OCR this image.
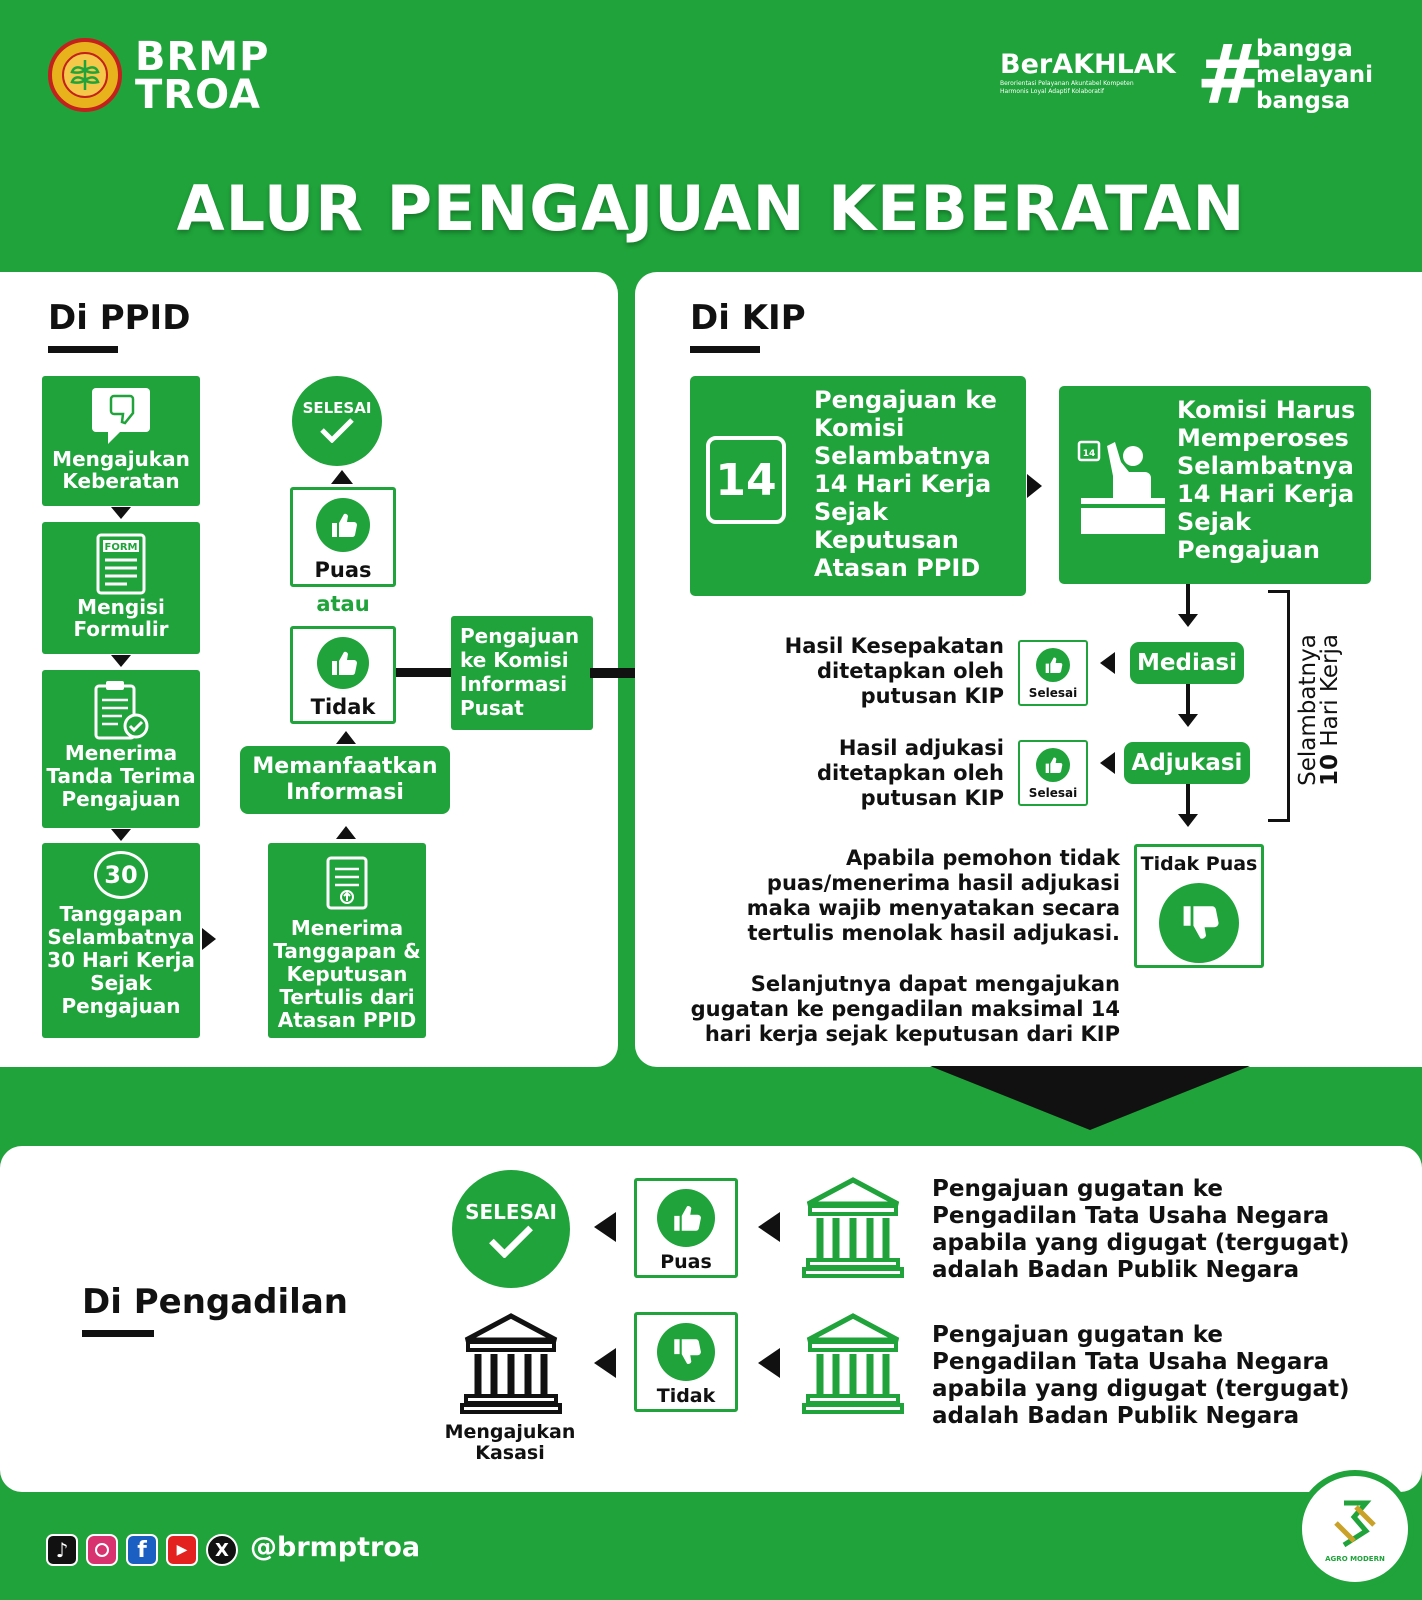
BRMP
TROA
BerAKHLAK
Berorientasi Pelayanan Akuntabel Kompeten
Harmonis Loyal Adaptif Kolaboratif	#
bangga
melayani
bangsa
ALUR PENGAJUAN KEBERATAN
Di PPID
Mengajukan Keberatan
FORM
Mengisi Formulir
Menerima Tanda Terima Pengajuan
30
Tanggapan Selambatnya 30 Hari Kerja Sejak Pengajuan
Menerima Tanggapan & Keputusan Tertulis dari Atasan PPID
Memanfaatkan Informasi
Tidak
atau
Puas
SELESAI
Pengajuan ke Komisi Informasi Pusat
Di KIP
14
Pengajuan ke Komisi Selambatnya 14 Hari Kerja Sejak Keputusan Atasan PPID
14
Komisi Harus Memperoses Selambatnya 14 Hari Kerja Sejak Pengajuan
Mediasi
Adjukasi
Selesai
Selesai
Hasil Kesepakatan ditetapkan oleh putusan KIP
Hasil adjukasi ditetapkan oleh putusan KIP
Selambatnya
10 Hari Kerja
Tidak Puas
Apabila pemohon tidak puas/menerima hasil adjukasi maka wajib menyatakan secara tertulis menolak hasil adjukasi.
Selanjutnya dapat mengajukan gugatan ke pengadilan maksimal 14 hari kerja sejak keputusan dari KIP
Di Pengadilan
SELESAI
Puas
Pengajuan gugatan ke Pengadilan Tata Usaha Negara apabila yang digugat (tergugat) adalah Badan Publik Negara
Mengajukan Kasasi
Tidak
Pengajuan gugatan ke Pengadilan Tata Usaha Negara apabila yang digugat (tergugat) adalah Badan Publik Negara
♪	f	▶	X @brmptroa	AGRO MODERN
